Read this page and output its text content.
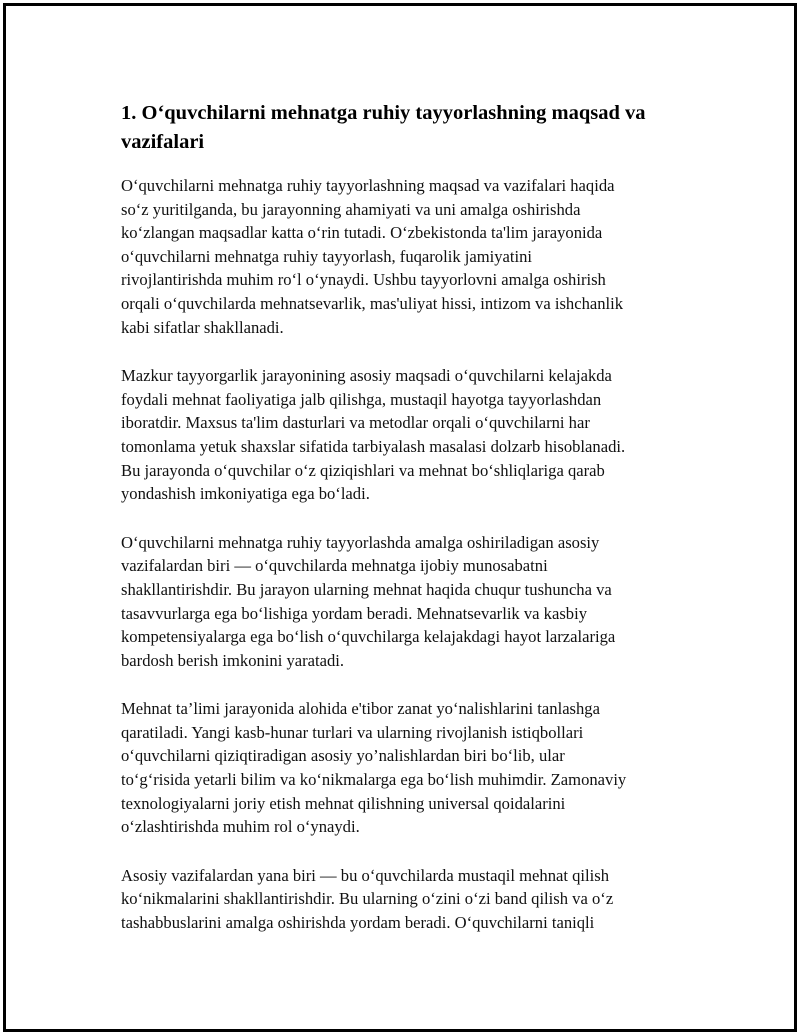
1. O‘quvchilarni mehnatga ruhiy tayyorlashning maqsad va
vazifalari

O‘quvchilarni mehnatga ruhiy tayyorlashning maqsad va vazifalari haqida
so‘z yuritilganda, bu jarayonning ahamiyati va uni amalga oshirishda
ko‘zlangan maqsadlar katta o‘rin tutadi. O‘zbekistonda ta'lim jarayonida
o‘quvchilarni mehnatga ruhiy tayyorlash, fuqarolik jamiyatini
rivojlantirishda muhim ro‘l o‘ynaydi. Ushbu tayyorlovni amalga oshirish
orqali o‘quvchilarda mehnatsevarlik, mas'uliyat hissi, intizom va ishchanlik
kabi sifatlar shakllanadi.

Mazkur tayyorgarlik jarayonining asosiy maqsadi o‘quvchilarni kelajakda
foydali mehnat faoliyatiga jalb qilishga, mustaqil hayotga tayyorlashdan
iboratdir. Maxsus ta'lim dasturlari va metodlar orqali o‘quvchilarni har
tomonlama yetuk shaxslar sifatida tarbiyalash masalasi dolzarb hisoblanadi.
Bu jarayonda o‘quvchilar o‘z qiziqishlari va mehnat bo‘shliqlariga qarab
yondashish imkoniyatiga ega bo‘ladi.

O‘quvchilarni mehnatga ruhiy tayyorlashda amalga oshiriladigan asosiy
vazifalardan biri — o‘quvchilarda mehnatga ijobiy munosabatni
shakllantirishdir. Bu jarayon ularning mehnat haqida chuqur tushuncha va
tasavvurlarga ega bo‘lishiga yordam beradi. Mehnatsevarlik va kasbiy
kompetensiyalarga ega bo‘lish o‘quvchilarga kelajakdagi hayot larzalariga
bardosh berish imkonini yaratadi.

Mehnat ta’limi jarayonida alohida e'tibor zanat yo‘nalishlarini tanlashga
qaratiladi. Yangi kasb-hunar turlari va ularning rivojlanish istiqbollari
o‘quvchilarni qiziqtiradigan asosiy yo’nalishlardan biri bo‘lib, ular
to‘g‘risida yetarli bilim va ko‘nikmalarga ega bo‘lish muhimdir. Zamonaviy
texnologiyalarni joriy etish mehnat qilishning universal qoidalarini
o‘zlashtirishda muhim rol o‘ynaydi.

Asosiy vazifalardan yana biri — bu o‘quvchilarda mustaqil mehnat qilish
ko‘nikmalarini shakllantirishdir. Bu ularning o‘zini o‘zi band qilish va o‘z
tashabbuslarini amalga oshirishda yordam beradi. O‘quvchilarni taniqli
